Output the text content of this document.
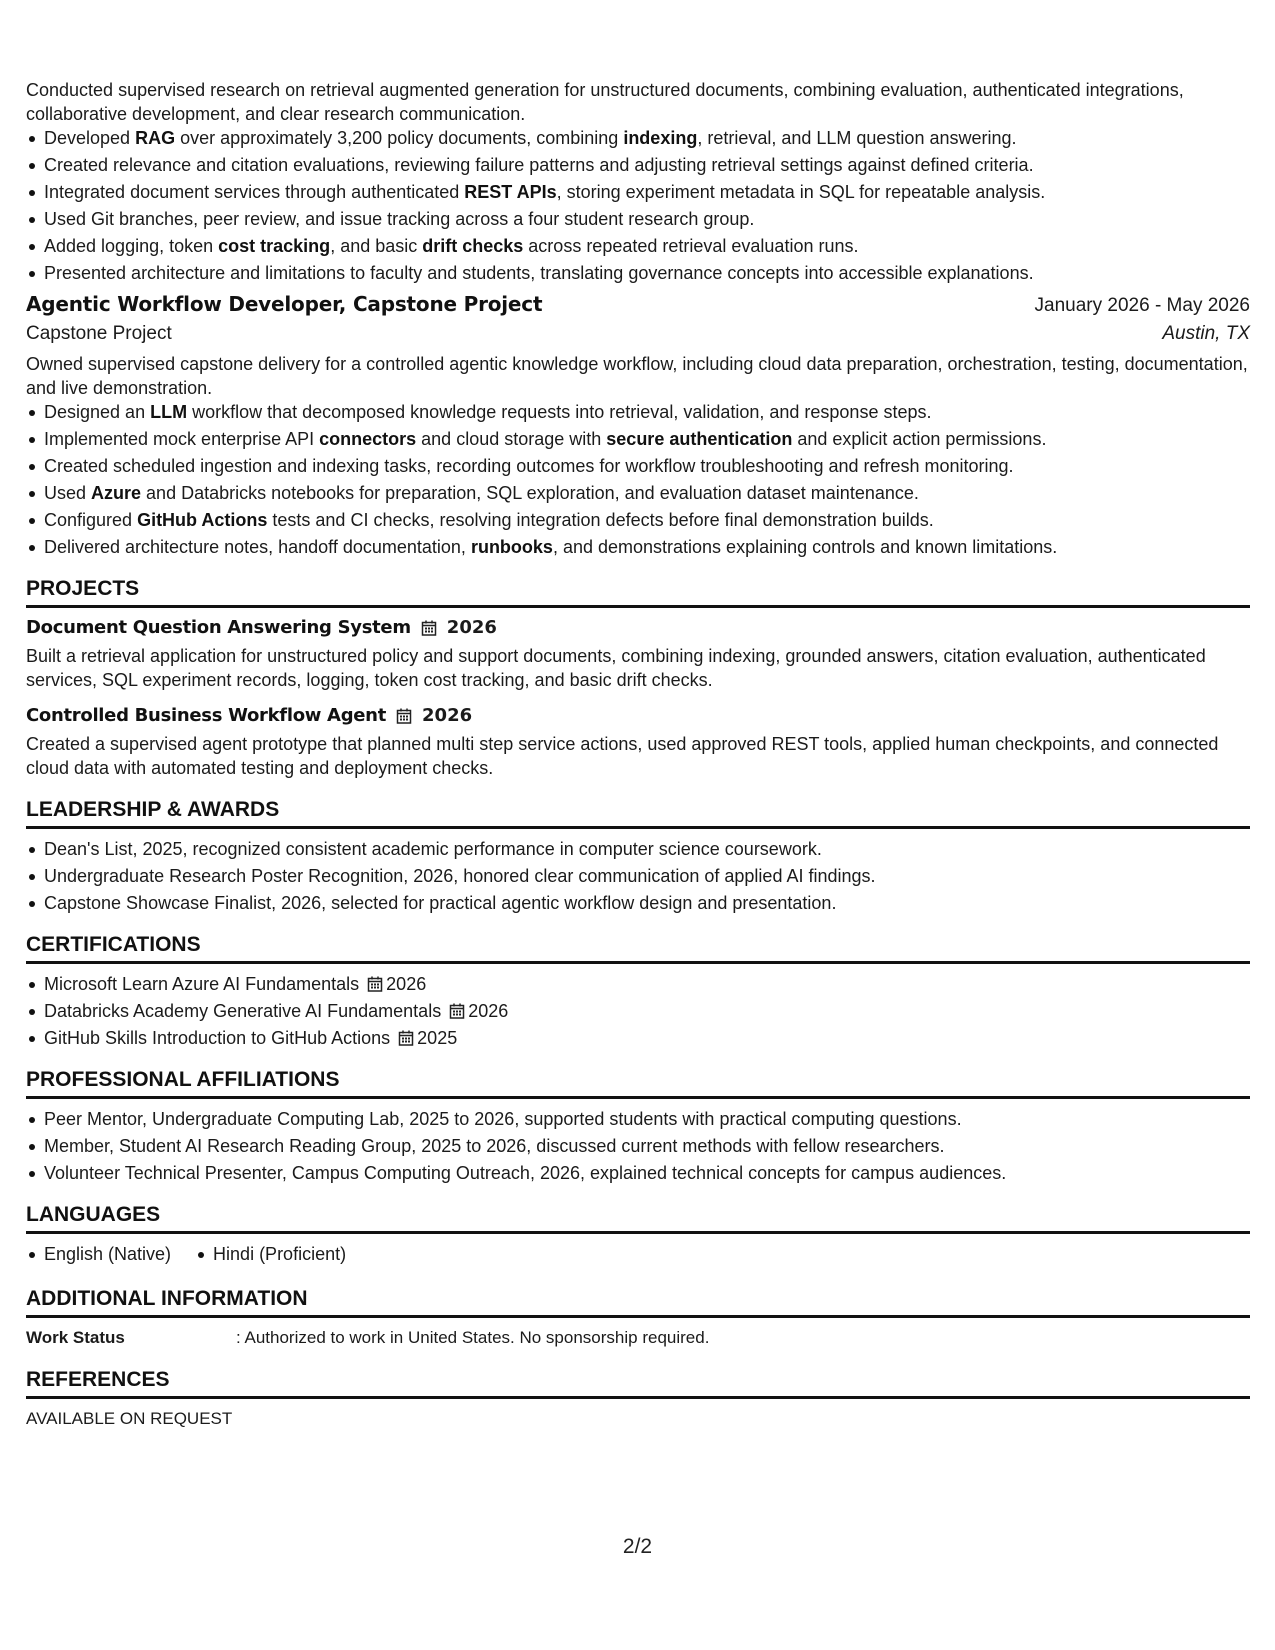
Conducted supervised research on retrieval augmented generation for unstructured documents, combining evaluation, authenticated integrations, collaborative development, and clear research communication.

Developed RAG over approximately 3,200 policy documents, combining indexing, retrieval, and LLM question answering.
Created relevance and citation evaluations, reviewing failure patterns and adjusting retrieval settings against defined criteria.
Integrated document services through authenticated REST APIs, storing experiment metadata in SQL for repeatable analysis.
Used Git branches, peer review, and issue tracking across a four student research group.
Added logging, token cost tracking, and basic drift checks across repeated retrieval evaluation runs.
Presented architecture and limitations to faculty and students, translating governance concepts into accessible explanations.
Agentic Workflow Developer, Capstone Project	January 2026 - May 2026
Capstone Project	Austin, TX

Owned supervised capstone delivery for a controlled agentic knowledge workflow, including cloud data preparation, orchestration, testing, documentation, and live demonstration.

Designed an LLM workflow that decomposed knowledge requests into retrieval, validation, and response steps.
Implemented mock enterprise API connectors and cloud storage with secure authentication and explicit action permissions.
Created scheduled ingestion and indexing tasks, recording outcomes for workflow troubleshooting and refresh monitoring.
Used Azure and Databricks notebooks for preparation, SQL exploration, and evaluation dataset maintenance.
Configured GitHub Actions tests and CI checks, resolving integration defects before final demonstration builds.
Delivered architecture notes, handoff documentation, runbooks, and demonstrations explaining controls and known limitations.
PROJECTS
Document Question Answering System 2026

Built a retrieval application for unstructured policy and support documents, combining indexing, grounded answers, citation evaluation, authenticated services, SQL experiment records, logging, token cost tracking, and basic drift checks.

Controlled Business Workflow Agent 2026

Created a supervised agent prototype that planned multi step service actions, used approved REST tools, applied human checkpoints, and connected cloud data with automated testing and deployment checks.

LEADERSHIP & AWARDS
Dean's List, 2025, recognized consistent academic performance in computer science coursework.
Undergraduate Research Poster Recognition, 2026, honored clear communication of applied AI findings.
Capstone Showcase Finalist, 2026, selected for practical agentic workflow design and presentation.
CERTIFICATIONS
Microsoft Learn Azure AI Fundamentals 2026
Databricks Academy Generative AI Fundamentals 2026
GitHub Skills Introduction to GitHub Actions 2025
PROFESSIONAL AFFILIATIONS
Peer Mentor, Undergraduate Computing Lab, 2025 to 2026, supported students with practical computing questions.
Member, Student AI Research Reading Group, 2025 to 2026, discussed current methods with fellow researchers.
Volunteer Technical Presenter, Campus Computing Outreach, 2026, explained technical concepts for campus audiences.
LANGUAGES
English (Native)	Hindi (Proficient)
ADDITIONAL INFORMATION
Work Status	: Authorized to work in United States. No sponsorship required.
REFERENCES
AVAILABLE ON REQUEST
2/2
